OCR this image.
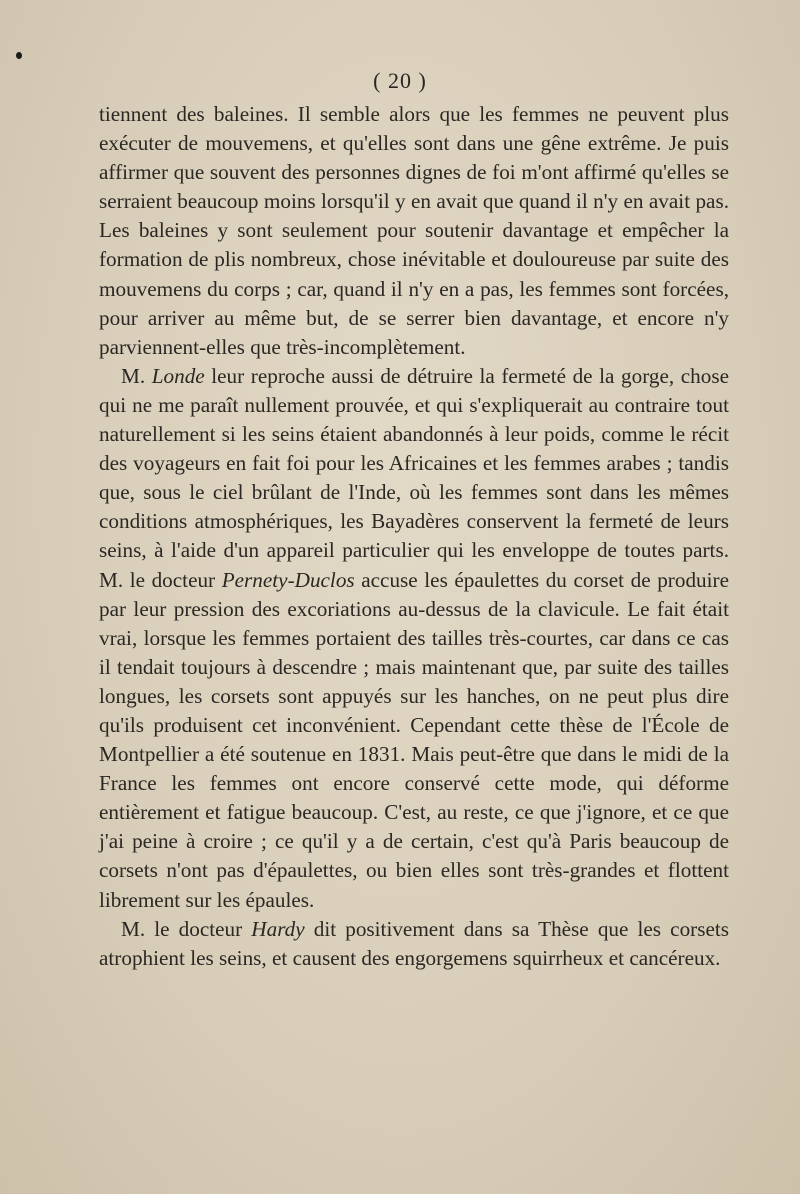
( 20 )

tiennent des baleines. Il semble alors que les femmes ne peuvent plus exécuter de mouvemens, et qu'elles sont dans une gêne extrême. Je puis affirmer que souvent des personnes dignes de foi m'ont affirmé qu'elles se serraient beaucoup moins lorsqu'il y en avait que quand il n'y en avait pas. Les baleines y sont seulement pour soutenir davantage et empêcher la formation de plis nombreux, chose inévitable et douloureuse par suite des mouvemens du corps ; car, quand il n'y en a pas, les femmes sont forcées, pour arriver au même but, de se serrer bien davantage, et encore n'y parviennent-elles que très-incomplètement.

M. Londe leur reproche aussi de détruire la fermeté de la gorge, chose qui ne me paraît nullement prouvée, et qui s'expliquerait au contraire tout naturellement si les seins étaient abandonnés à leur poids, comme le récit des voyageurs en fait foi pour les Africaines et les femmes arabes ; tandis que, sous le ciel brûlant de l'Inde, où les femmes sont dans les mêmes conditions atmosphériques, les Bayadères conservent la fermeté de leurs seins, à l'aide d'un appareil particulier qui les enveloppe de toutes parts. M. le docteur Pernety-Duclos accuse les épaulettes du corset de produire par leur pression des excoriations au-dessus de la clavicule. Le fait était vrai, lorsque les femmes portaient des tailles très-courtes, car dans ce cas il tendait toujours à descendre ; mais maintenant que, par suite des tailles longues, les corsets sont appuyés sur les hanches, on ne peut plus dire qu'ils produisent cet inconvénient. Cependant cette thèse de l'École de Montpellier a été soutenue en 1831. Mais peut-être que dans le midi de la France les femmes ont encore conservé cette mode, qui déforme entièrement et fatigue beaucoup. C'est, au reste, ce que j'ignore, et ce que j'ai peine à croire ; ce qu'il y a de certain, c'est qu'à Paris beaucoup de corsets n'ont pas d'épaulettes, ou bien elles sont très-grandes et flottent librement sur les épaules.

M. le docteur Hardy dit positivement dans sa Thèse que les corsets atrophient les seins, et causent des engorgemens squirrheux et cancéreux.
